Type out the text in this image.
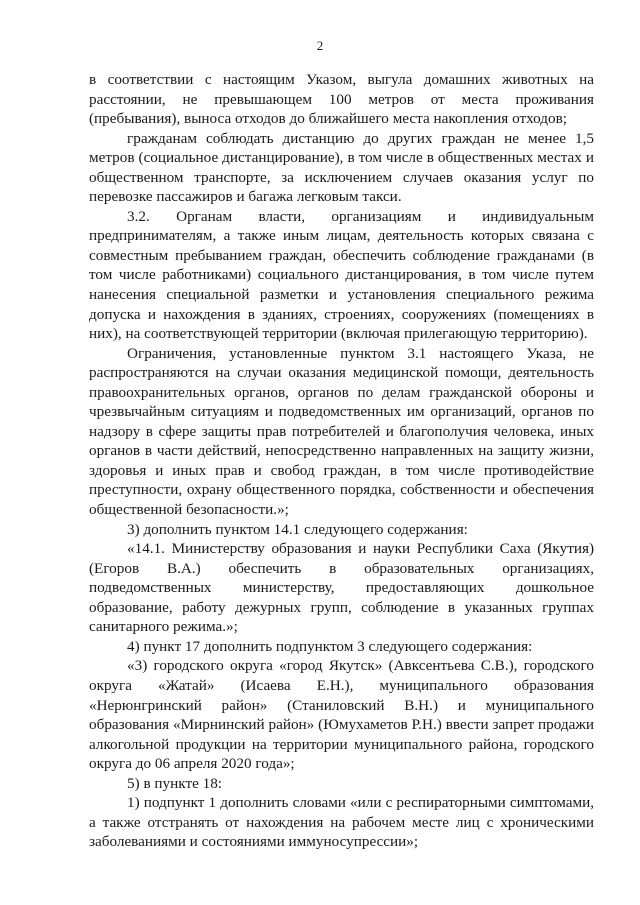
2

в соответствии с настоящим Указом, выгула домашних животных на расстоянии, не превышающем 100 метров от места проживания (пребывания), выноса отходов до ближайшего места накопления отходов;

гражданам соблюдать дистанцию до других граждан не менее 1,5 метров (социальное дистанцирование), в том числе в общественных местах и общественном транспорте, за исключением случаев оказания услуг по перевозке пассажиров и багажа легковым такси.

3.2. Органам власти, организациям и индивидуальным предпринимателям, а также иным лицам, деятельность которых связана с совместным пребыванием граждан, обеспечить соблюдение гражданами (в том числе работниками) социального дистанцирования, в том числе путем нанесения специальной разметки и установления специального режима допуска и нахождения в зданиях, строениях, сооружениях (помещениях в них), на соответствующей территории (включая прилегающую территорию).

Ограничения, установленные пунктом 3.1 настоящего Указа, не распространяются на случаи оказания медицинской помощи, деятельность правоохранительных органов, органов по делам гражданской обороны и чрезвычайным ситуациям и подведомственных им организаций, органов по надзору в сфере защиты прав потребителей и благополучия человека, иных органов в части действий, непосредственно направленных на защиту жизни, здоровья и иных прав и свобод граждан, в том числе противодействие преступности, охрану общественного порядка, собственности и обеспечения общественной безопасности.»;

3) дополнить пунктом 14.1 следующего содержания:

«14.1. Министерству образования и науки Республики Саха (Якутия) (Егоров В.А.) обеспечить в образовательных организациях, подведомственных министерству, предоставляющих дошкольное образование, работу дежурных групп, соблюдение в указанных группах санитарного режима.»;

4) пункт 17 дополнить подпунктом 3 следующего содержания:

«3) городского округа «город Якутск» (Авксентьева С.В.), городского округа «Жатай» (Исаева Е.Н.), муниципального образования «Нерюнгринский район» (Станиловский В.Н.) и муниципального образования «Мирнинский район» (Юмухаметов Р.Н.) ввести запрет продажи алкогольной продукции на территории муниципального района, городского округа до 06 апреля 2020 года»;

5) в пункте 18:

1) подпункт 1 дополнить словами «или с респираторными симптомами, а также отстранять от нахождения на рабочем месте лиц с хроническими заболеваниями и состояниями иммуносупрессии»;
